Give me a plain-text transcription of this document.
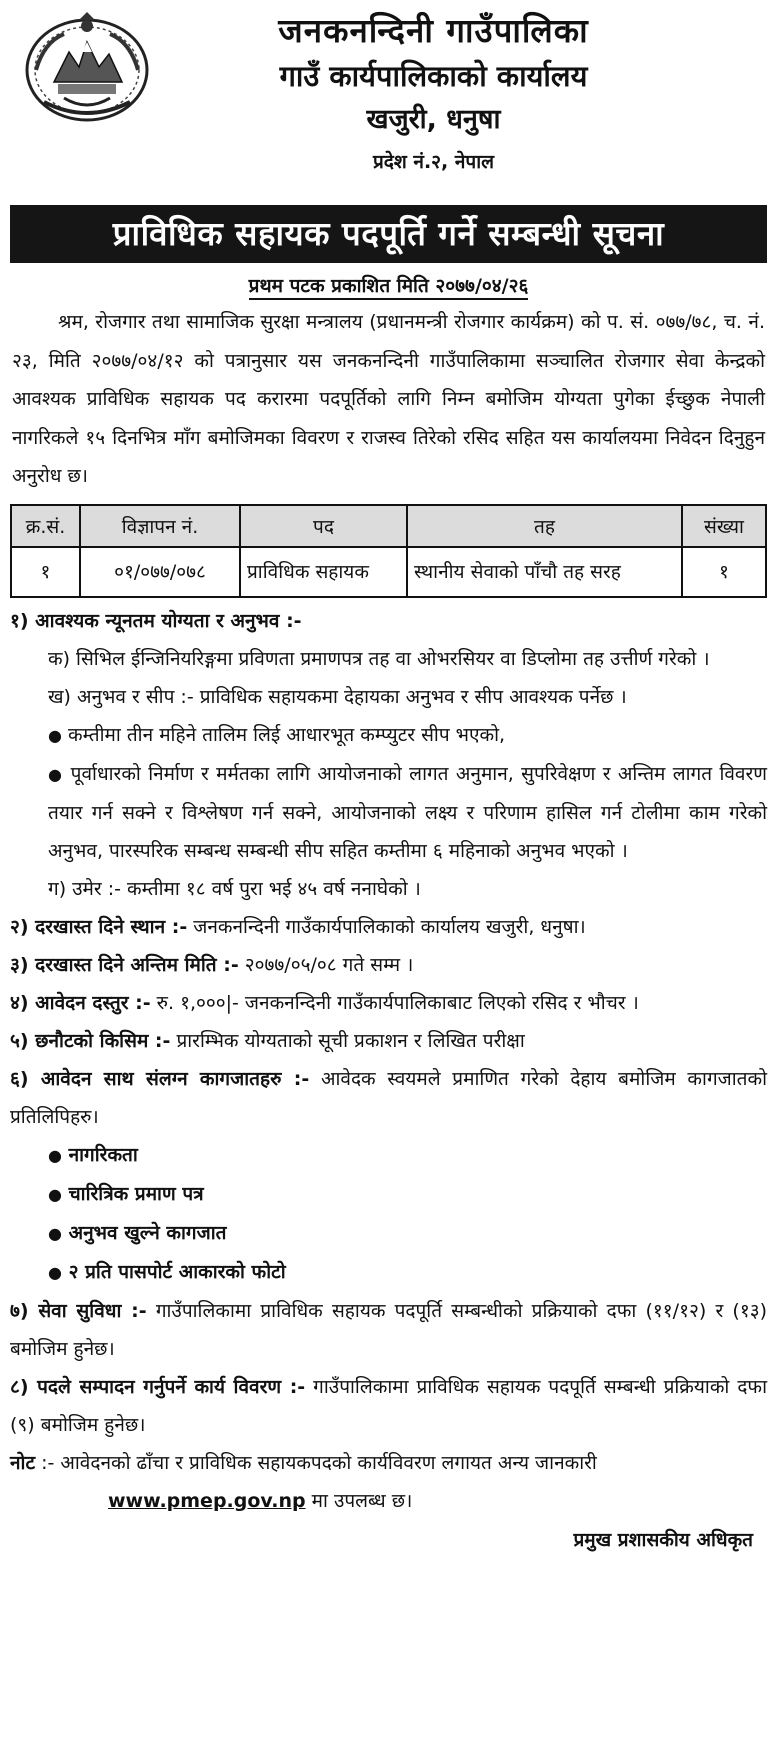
जनकनन्दिनी गाउँपालिका
गाउँ कार्यपालिकाको कार्यालय
खजुरी, धनुषा
प्रदेश नं.२, नेपाल
प्राविधिक सहायक पदपूर्ति गर्ने सम्बन्धी सूचना
प्रथम पटक प्रकाशित मिति २०७७/०४/२६

श्रम, रोजगार तथा सामाजिक सुरक्षा मन्त्रालय (प्रधानमन्त्री रोजगार कार्यक्रम) को प. सं. ०७७/७८, च. नं. २३, मिति २०७७/०४/१२ को पत्रानुसार यस जनकनन्दिनी गाउँपालिकामा सञ्चालित रोजगार सेवा केन्द्रको आवश्यक प्राविधिक सहायक पद करारमा पदपूर्तिको लागि निम्न बमोजिम योग्यता पुगेका ईच्छुक नेपाली नागरिकले १५ दिनभित्र माँग बमोजिमका विवरण र राजस्व तिरेको रसिद सहित यस कार्यालयमा निवेदन दिनुहुन अनुरोध छ।

क्र.सं.	विज्ञापन नं.	पद	तह	संख्या
१	०१/०७७/०७८	प्राविधिक सहायक	स्थानीय सेवाको पाँचौ तह सरह	१

१) आवश्यक न्यूनतम योग्यता र अनुभव :-

क) सिभिल ईन्जिनियरिङ्गमा प्रविणता प्रमाणपत्र तह वा ओभरसियर वा डिप्लोमा तह उत्तीर्ण गरेको ।

ख) अनुभव र सीप :- प्राविधिक सहायकमा देहायका अनुभव र सीप आवश्यक पर्नेछ ।

● कम्तीमा तीन महिने तालिम लिई आधारभूत कम्प्युटर सीप भएको,

● पूर्वाधारको निर्माण र मर्मतका लागि आयोजनाको लागत अनुमान, सुपरिवेक्षण र अन्तिम लागत विवरण तयार गर्न सक्ने र विश्लेषण गर्न सक्ने, आयोजनाको लक्ष्य र परिणाम हासिल गर्न टोलीमा काम गरेको अनुभव, पारस्परिक सम्बन्ध सम्बन्धी सीप सहित कम्तीमा ६ महिनाको अनुभव भएको ।

ग) उमेर :- कम्तीमा १८ वर्ष पुरा भई ४५ वर्ष ननाघेको ।

२) दरखास्त दिने स्थान :- जनकनन्दिनी गाउँकार्यपालिकाको कार्यालय खजुरी, धनुषा।

३) दरखास्त दिने अन्तिम मिति :- २०७७/०५/०८ गते सम्म ।

४) आवेदन दस्तुर :- रु. १,०००|- जनकनन्दिनी गाउँकार्यपालिकाबाट लिएको रसिद र भौचर ।

५) छनौटको किसिम :- प्रारम्भिक योग्यताको सूची प्रकाशन र लिखित परीक्षा

६) आवेदन साथ संलग्न कागजातहरु :- आवेदक स्वयमले प्रमाणित गरेको देहाय बमोजिम कागजातको प्रतिलिपिहरु।

● नागरिकता

● चारित्रिक प्रमाण पत्र

● अनुभव खुल्ने कागजात

● २ प्रति पासपोर्ट आकारको फोटो

७) सेवा सुविधा :- गाउँपालिकामा प्राविधिक सहायक पदपूर्ति सम्बन्धीको प्रक्रियाको दफा (११/१२) र (१३) बमोजिम हुनेछ।

८) पदले सम्पादन गर्नुपर्ने कार्य विवरण :- गाउँपालिकामा प्राविधिक सहायक पदपूर्ति सम्बन्धी प्रक्रियाको दफा (९) बमोजिम हुनेछ।

नोट :- आवेदनको ढाँचा र प्राविधिक सहायकपदको कार्यविवरण लगायत अन्य जानकारी

www.pmep.gov.np मा उपलब्ध छ।

प्रमुख प्रशासकीय अधिकृत
